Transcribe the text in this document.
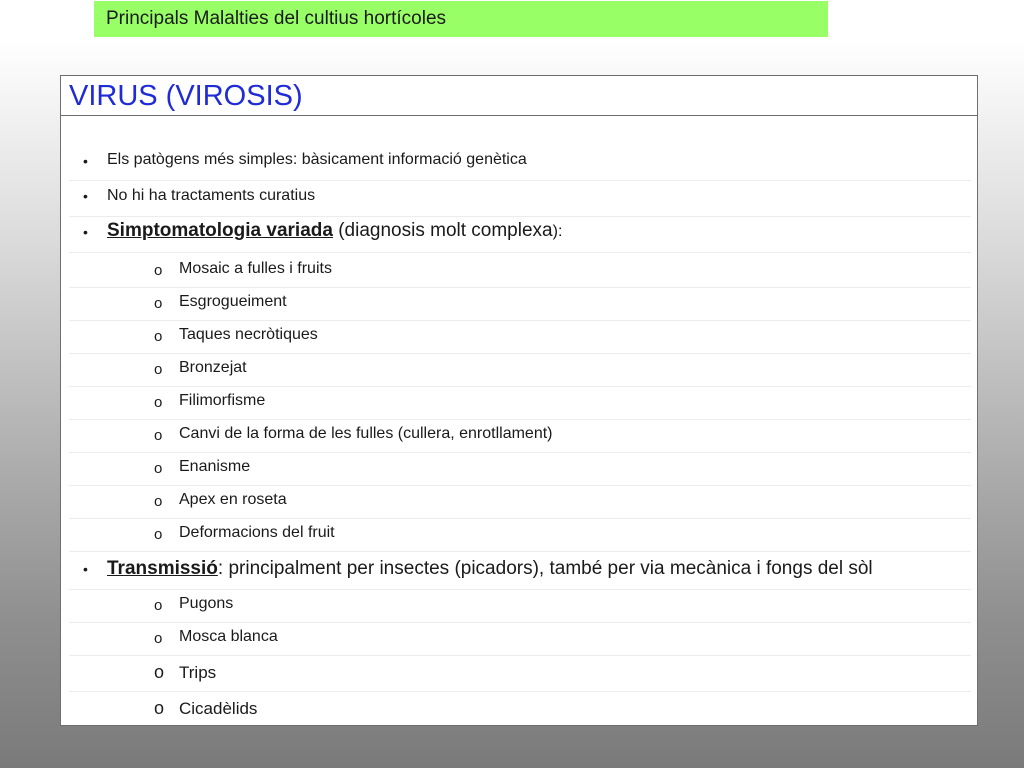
Principals Malalties del cultius hortícoles
VIRUS (VIROSIS)
• Els patògens més simples: bàsicament informació genètica
• No hi ha tractaments curatius
• Simptomatologia variada (diagnosis molt complexa):
o Mosaic a fulles i fruits
o Esgrogueiment
o Taques necròtiques
o Bronzejat
o Filimorfisme
o Canvi de la forma de les fulles (cullera, enrotllament)
o Enanisme
o Apex en roseta
o Deformacions del fruit
• Transmissió: principalment per insectes (picadors), també per via mecànica i fongs del sòl
o Pugons
o Mosca blanca
o Trips
o Cicadèlids
